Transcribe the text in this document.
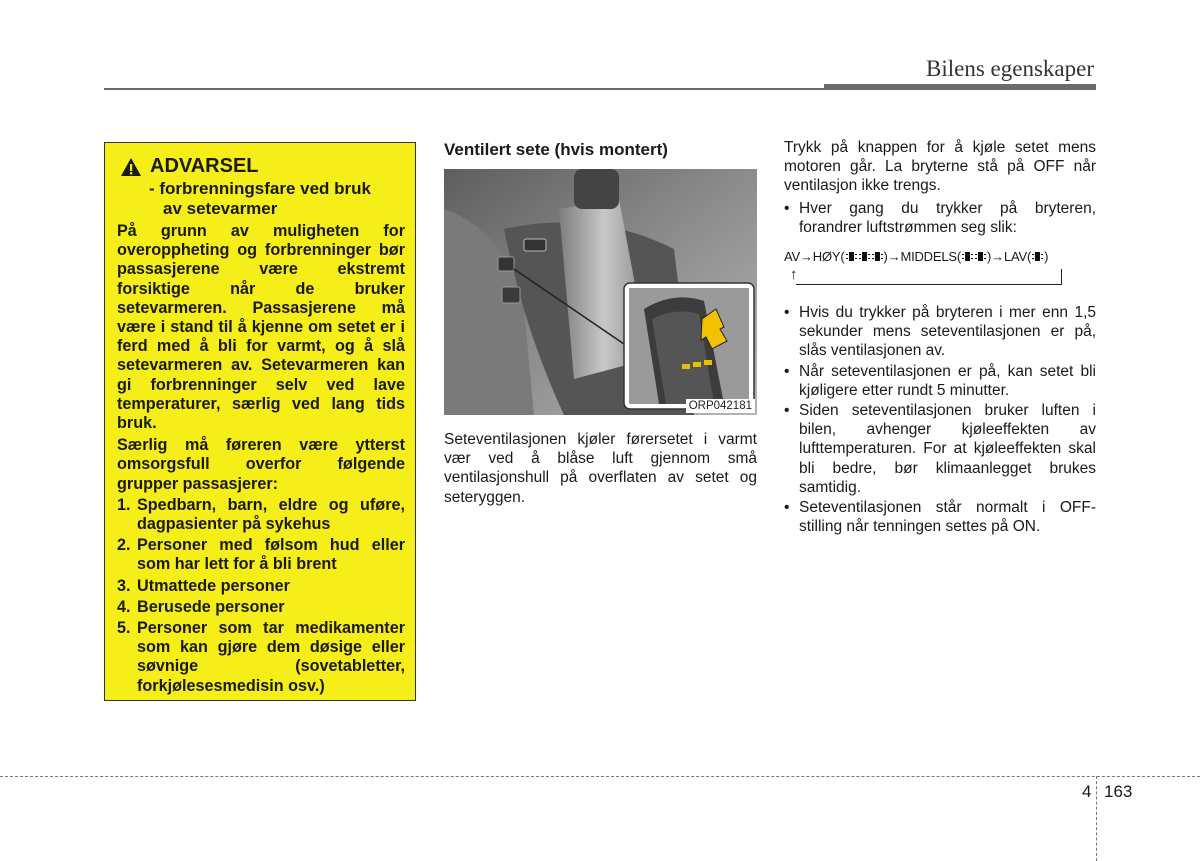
Bilens egenskaper
ADVARSEL
- forbrenningsfare ved bruk
av setevarmer
På grunn av muligheten for overoppheting og forbrenninger bør passasjerene være ekstremt forsiktige når de bruker setevarmeren. Passasjerene må være i stand til å kjenne om setet er i ferd med å bli for varmt, og å slå setevarmeren av. Setevarmeren kan gi forbrenninger selv ved lave temperaturer, særlig ved lang tids bruk.
Særlig må føreren være ytterst omsorgsfull overfor følgende grupper passasjerer:
1. Spedbarn, barn, eldre og uføre, dagpasienter på sykehus
2. Personer med følsom hud eller som har lett for å bli brent
3. Utmattede personer
4. Berusede personer
5. Personer som tar medikamenter som kan gjøre dem døsige eller søvnige (sovetabletter, forkjølesesmedisin osv.)
Ventilert sete (hvis montert)
ORP042181
Seteventilasjonen kjøler førersetet i varmt vær ved å blåse luft gjennom små ventilasjonshull på overflaten av setet og seteryggen.
Trykk på knappen for å kjøle setet mens motoren går. La bryterne stå på OFF når ventilasjon ikke trengs.
• Hver gang du trykker på bryteren, forandrer luftstrømmen seg slik:
AV → HØY(	) → MIDDELS( ) → LAV( )
↑
• Hvis du trykker på bryteren i mer enn 1,5 sekunder mens seteventilasjonen er på, slås ventilasjonen av.
• Når seteventilasjonen er på, kan setet bli kjøligere etter rundt 5 minutter.
• Siden seteventilasjonen bruker luften i bilen, avhenger kjøleeffekten av lufttemperaturen. For at kjøleeffekten skal bli bedre, bør klimaanlegget brukes samtidig.
• Seteventilasjonen står normalt i OFF-stilling når tenningen settes på ON.
4 163
